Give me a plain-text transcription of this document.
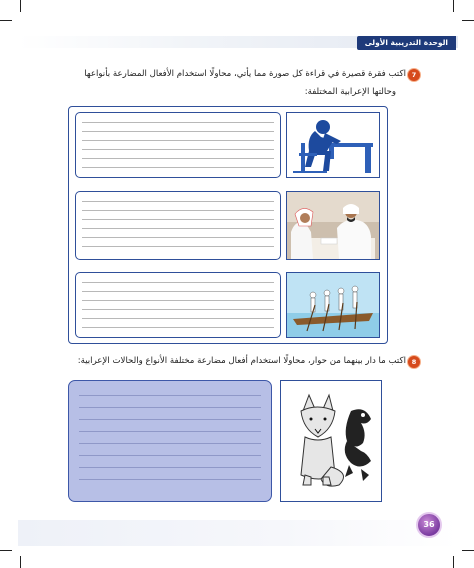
الوحدة التدريبية الأولى
7
اكتب فقرة قصيرة في قراءة كل صورة مما يأتي، محاولًا استخدام الأفعال المضارعة بأنواعها
وحالتها الإعرابية المختلفة:
8
اكتب ما دار بينهما من حوار، محاولًا استخدام أفعال مضارعة مختلفة الأنواع والحالات الإعرابية:
36
